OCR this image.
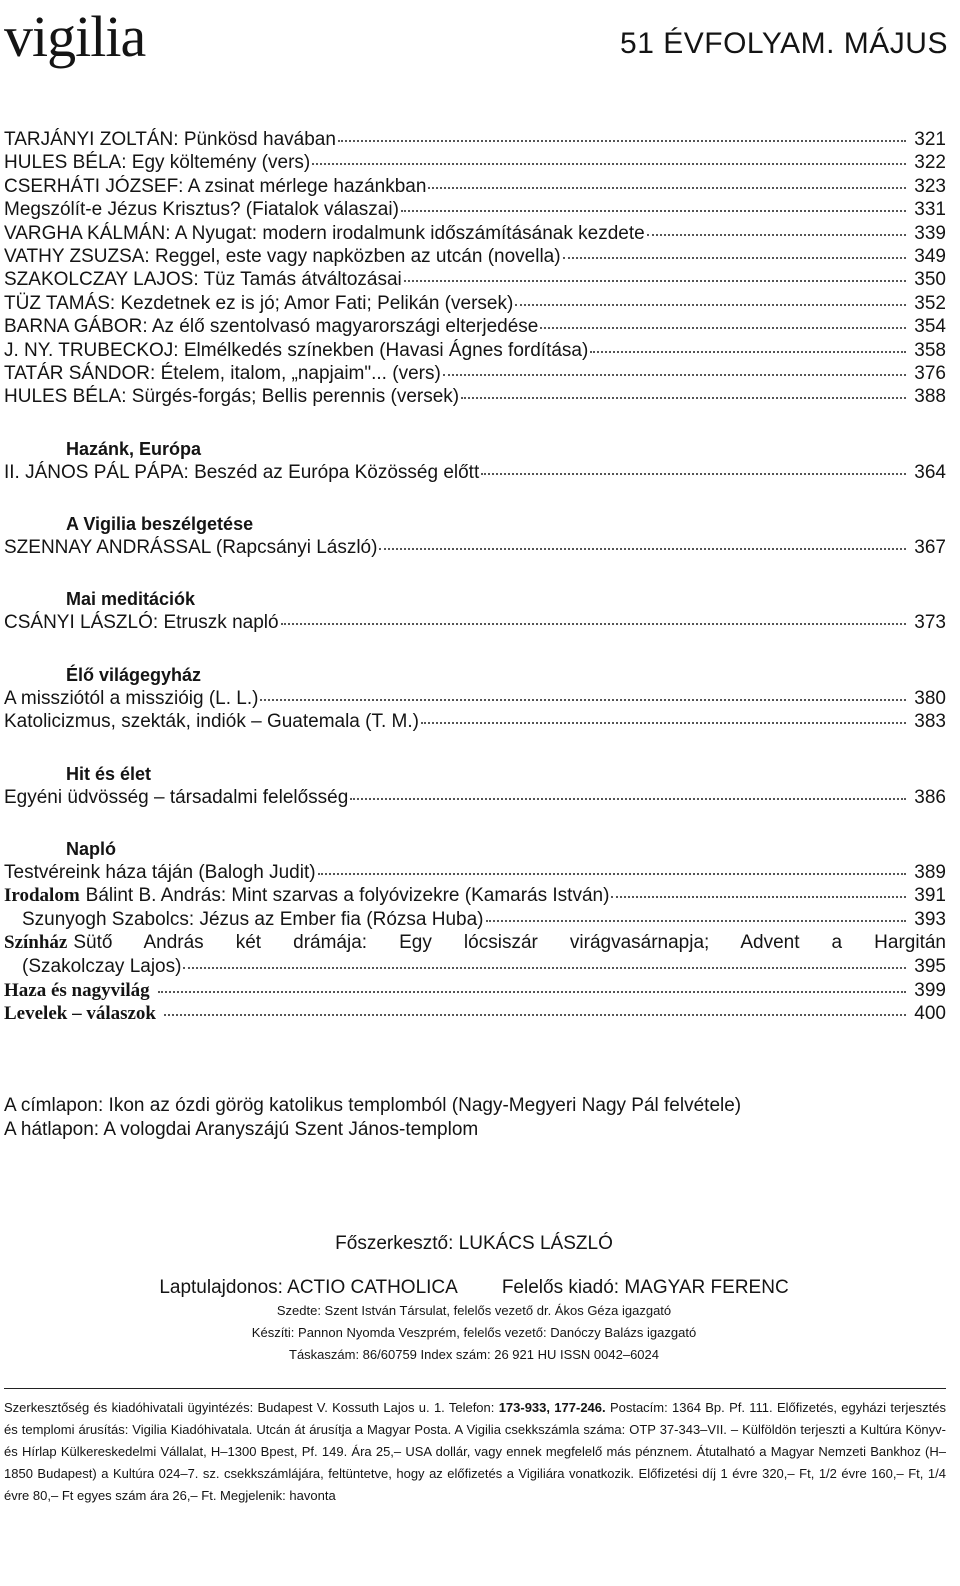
vigilia	51 ÉVFOLYAM. MÁJUS
TARJÁNYI ZOLTÁN: Pünkösd havában	321
HULES BÉLA: Egy költemény (vers)	322
CSERHÁTI JÓZSEF: A zsinat mérlege hazánkban	323
Megszólít-e Jézus Krisztus? (Fiatalok válaszai)	331
VARGHA KÁLMÁN: A Nyugat: modern irodalmunk időszámításának kezdete	339
VATHY ZSUZSA: Reggel, este vagy napközben az utcán (novella)	349
SZAKOLCZAY LAJOS: Tüz Tamás átváltozásai	350
TÜZ TAMÁS: Kezdetnek ez is jó; Amor Fati; Pelikán (versek)	352
BARNA GÁBOR: Az élő szentolvasó magyarországi elterjedése	354
J. NY. TRUBECKOJ: Elmélkedés színekben (Havasi Ágnes fordítása)	358
TATÁR SÁNDOR: Ételem, italom, „napjaim"... (vers)	376
HULES BÉLA: Sürgés-forgás; Bellis perennis (versek)	388
Hazánk, Európa
II. JÁNOS PÁL PÁPA: Beszéd az Európa Közösség előtt	364
A Vigilia beszélgetése
SZENNAY ANDRÁSSAL (Rapcsányi László)	367
Mai meditációk
CSÁNYI LÁSZLÓ: Etruszk napló	373
Élő világegyház
A missziótól a misszióig (L. L.)	380
Katolicizmus, szekták, indiók – Guatemala (T. M.)	383
Hit és élet
Egyéni üdvösség – társadalmi felelősség	386
Napló
Testvéreink háza táján (Balogh Judit)	389
Irodalom Bálint B. András: Mint szarvas a folyóvizekre (Kamarás István)	391
Szunyogh Szabolcs: Jézus az Ember fia (Rózsa Huba)	393
Színház Sütő András két drámája: Egy lócsiszár virágvasárnapja; Advent a Hargitán
(Szakolczay Lajos)	395
Haza és nagyvilág	399
Levelek – válaszok	400
A címlapon: Ikon az ózdi görög katolikus templomból (Nagy-Megyeri Nagy Pál felvétele)
A hátlapon: A vologdai Aranyszájú Szent János-templom
Főszerkesztő: LUKÁCS LÁSZLÓ
Laptulajdonos: ACTIO CATHOLICA Felelős kiadó: MAGYAR FERENC
Szedte: Szent István Társulat, felelős vezető dr. Ákos Géza igazgató
Készíti: Pannon Nyomda Veszprém, felelős vezető: Danóczy Balázs igazgató
Táskaszám: 86/60759 Index szám: 26 921 HU ISSN 0042–6024
Szerkesztőség és kiadóhivatali ügyintézés: Budapest V. Kossuth Lajos u. 1. Telefon: 173-933, 177-246. Postacím: 1364 Bp. Pf. 111. Előfizetés, egyházi terjesztés és templomi árusítás: Vigilia Kiadóhivatala. Utcán át árusítja a Magyar Posta. A Vigilia csekkszámla száma: OTP 37-343–VII. – Külföldön terjeszti a Kultúra Könyv- és Hírlap Külkereskedelmi Vállalat, H–1300 Bpest, Pf. 149. Ára 25,– USA dollár, vagy ennek megfelelő más pénznem. Átutalható a Magyar Nemzeti Bankhoz (H–1850 Budapest) a Kultúra 024–7. sz. csekkszámlájára, feltüntetve, hogy az előfizetés a Vigiliára vonatkozik. Előfizetési díj 1 évre 320,– Ft, 1/2 évre 160,– Ft, 1/4 évre 80,– Ft egyes szám ára 26,– Ft. Megjelenik: havonta
